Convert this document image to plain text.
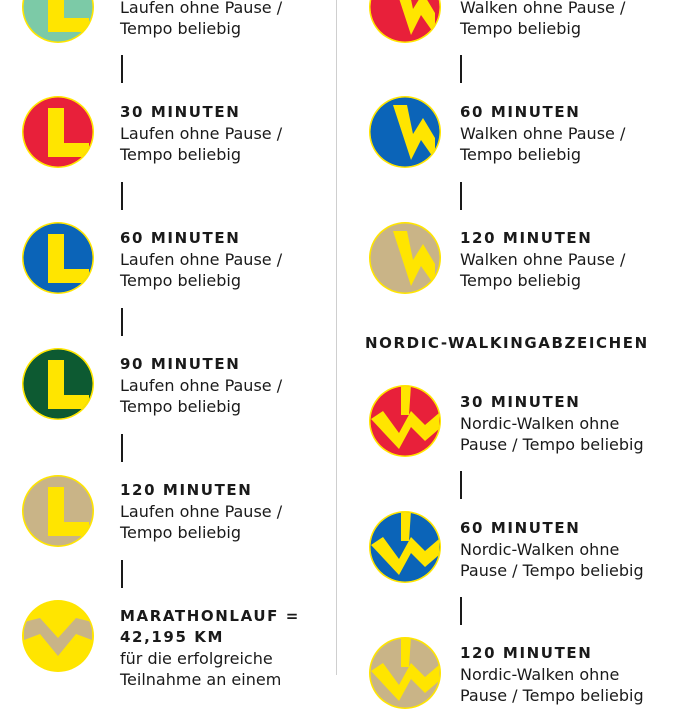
Laufen ohne Pause /
Tempo beliebig
30 MINUTEN
Laufen ohne Pause /
Tempo beliebig
60 MINUTEN
Laufen ohne Pause /
Tempo beliebig
90 MINUTEN
Laufen ohne Pause /
Tempo beliebig
120 MINUTEN
Laufen ohne Pause /
Tempo beliebig
MARATHONLAUF =
42,195 KM
für die erfolgreiche
Teilnahme an einem
Walken ohne Pause /
Tempo beliebig
60 MINUTEN
Walken ohne Pause /
Tempo beliebig
120 MINUTEN
Walken ohne Pause /
Tempo beliebig
NORDIC-WALKINGABZEICHEN
30 MINUTEN
Nordic-Walken ohne
Pause / Tempo beliebig
60 MINUTEN
Nordic-Walken ohne
Pause / Tempo beliebig
120 MINUTEN
Nordic-Walken ohne
Pause / Tempo beliebig
